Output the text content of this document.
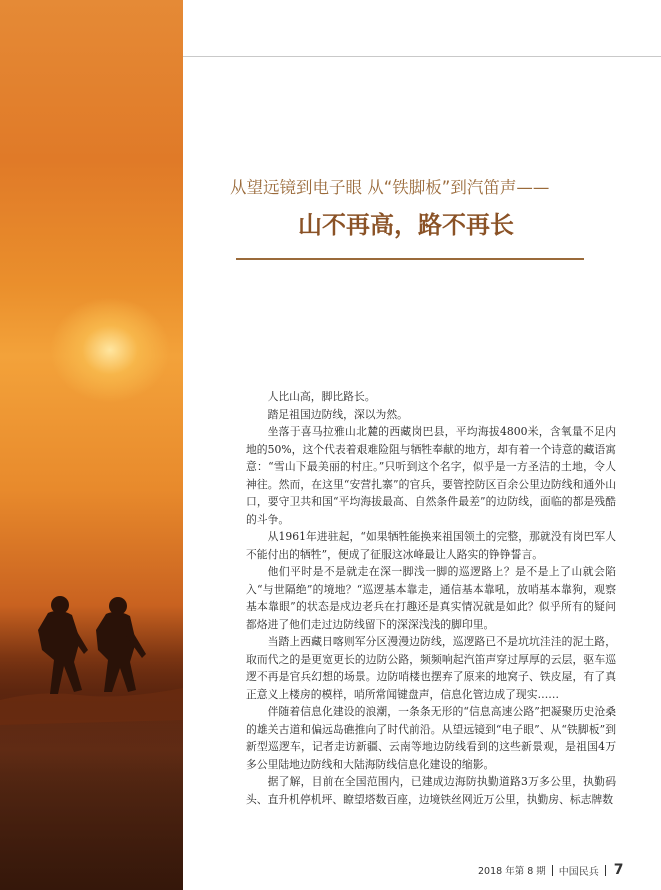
从望远镜到电子眼 从“铁脚板”到汽笛声——
山不再高，路不再长

人比山高，脚比路长。

踏足祖国边防线，深以为然。

坐落于喜马拉雅山北麓的西藏岗巴县，平均海拔4800米，含氧量不足内地的50%，这个代表着艰难险阻与牺牲奉献的地方，却有着一个诗意的藏语寓意：“雪山下最美丽的村庄。”只听到这个名字，似乎是一方圣洁的土地，令人神往。然而，在这里“安营扎寨”的官兵，要管控防区百余公里边防线和通外山口，要守卫共和国“平均海拔最高、自然条件最差”的边防线，面临的都是残酷的斗争。

从1961年进驻起，“如果牺牲能换来祖国领土的完整，那就没有岗巴军人不能付出的牺牲”，便成了征服这冰峰最让人路实的铮铮誓言。

他们平时是不是就走在深一脚浅一脚的巡逻路上？是不是上了山就会陷入“与世隔绝”的境地？“巡逻基本靠走，通信基本靠吼，放哨基本靠狗，观察基本靠眼”的状态是戍边老兵在打趣还是真实情况就是如此？似乎所有的疑问都烙进了他们走过边防线留下的深深浅浅的脚印里。

当踏上西藏日喀则军分区漫漫边防线，巡逻路已不是坑坑洼洼的泥土路，取而代之的是更宽更长的边防公路，频频响起汽笛声穿过厚厚的云层，驱车巡逻不再是官兵幻想的场景。边防哨楼也摆弃了原来的地窝子、铁皮屋，有了真正意义上楼房的模样，哨所常闻键盘声，信息化管边成了现实……

伴随着信息化建设的浪潮，一条条无形的“信息高速公路”把凝聚历史沧桑的雄关古道和偏远岛礁推向了时代前沿。从望远镜到“电子眼”、从“铁脚板”到新型巡逻车，记者走访新疆、云南等地边防线看到的这些新景观，是祖国4万多公里陆地边防线和大陆海防线信息化建设的缩影。

据了解，目前在全国范围内，已建成边海防执勤道路3万多公里，执勤码头、直升机停机坪、瞭望塔数百座，边境铁丝网近万公里，执勤房、标志牌数

2018 年第 8 期 中国民兵 7
